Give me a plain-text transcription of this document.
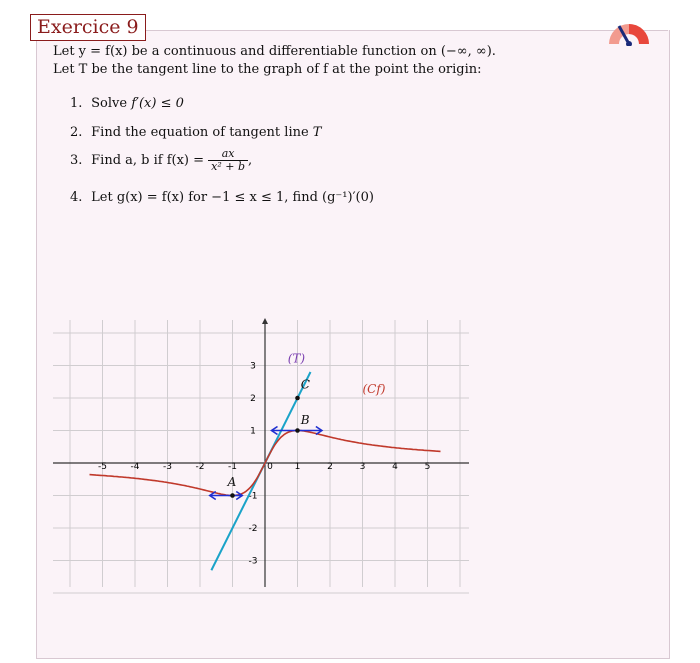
Exercice 9
Let y = f(x) be a continuous and differentiable function on (−∞, ∞).
Let T be the tangent line to the graph of f at the point the origin:
1. Solve f′(x) ≤ 0
2. Find the equation of tangent line T
3. Find a, b if $f(x) = \frac{ax}{\text{x² + b}}$ ,
4. Let g(x) = f(x) for −1 ≤ x ≤ 1, find (g⁻¹)′(0)
-5	-4	-3	-2	-1	0 1	2	3	4	5
3
2
1
-1
-2
-3
(T)
(Cf)
A
B
C
